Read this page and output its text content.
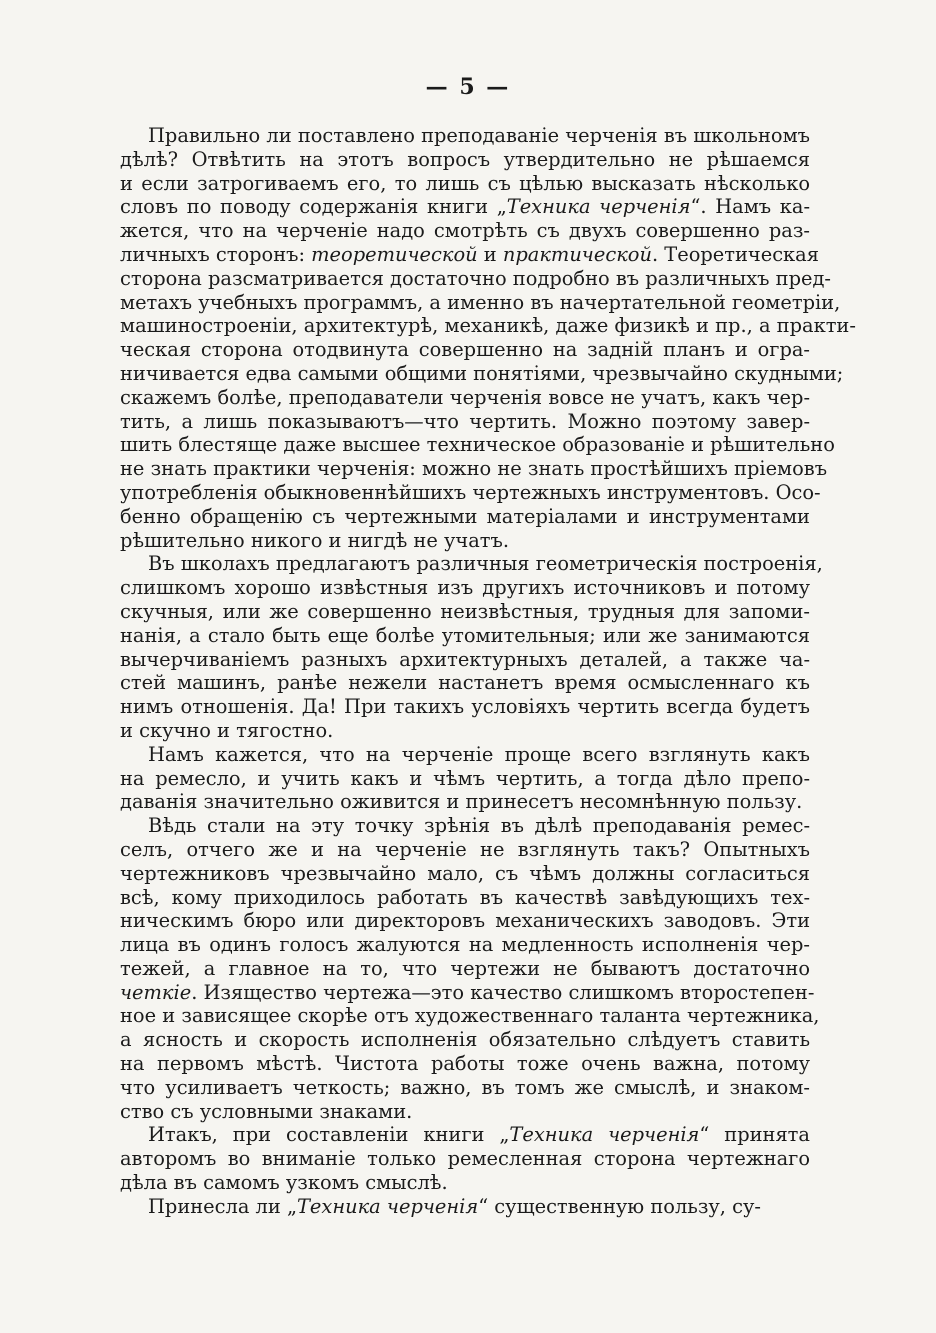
— 5 —

Правильно ли поставлено преподаваніе черченія въ школьномъ
дѣлѣ? Отвѣтить на этотъ вопросъ утвердительно не рѣшаемся
и если затрогиваемъ его, то лишь съ цѣлью высказать нѣсколько
словъ по поводу содержанія книги „Техника черченія“. Намъ ка-
жется, что на черченіе надо смотрѣть съ двухъ совершенно раз-
личныхъ сторонъ: теоретической и практической. Теоретическая
сторона разсматривается достаточно подробно въ различныхъ пред-
метахъ учебныхъ программъ, а именно въ начертательной геометріи,
машиностроеніи, архитектурѣ, механикѣ, даже физикѣ и пр., а практи-
ческая сторона отодвинута совершенно на задній планъ и огра-
ничивается едва самыми общими понятіями, чрезвычайно скудными;
скажемъ болѣе, преподаватели черченія вовсе не учатъ, какъ чер-
тить, а лишь показываютъ—что чертить. Можно поэтому завер-
шить блестяще даже высшее техническое образованіе и рѣшительно
не знать практики черченія: можно не знать простѣйшихъ пріемовъ
употребленія обыкновеннѣйшихъ чертежныхъ инструментовъ. Осо-
бенно обращенію съ чертежными матеріалами и инструментами
рѣшительно никого и нигдѣ не учатъ.

Въ школахъ предлагаютъ различныя геометрическія построенія,
слишкомъ хорошо извѣстныя изъ другихъ источниковъ и потому
скучныя, или же совершенно неизвѣстныя, трудныя для запоми-
нанія, а стало быть еще болѣе утомительныя; или же занимаются
вычерчиваніемъ разныхъ архитектурныхъ деталей, а также ча-
стей машинъ, ранѣе нежели настанетъ время осмысленнаго къ
нимъ отношенія. Да! При такихъ условіяхъ чертить всегда будетъ
и скучно и тягостно.

Намъ кажется, что на черченіе проще всего взглянуть какъ
на ремесло, и учить какъ и чѣмъ чертить, а тогда дѣло препо-
даванія значительно оживится и принесетъ несомнѣнную пользу.

Вѣдь стали на эту точку зрѣнія въ дѣлѣ преподаванія ремес-
селъ, отчего же и на черченіе не взглянуть такъ? Опытныхъ
чертежниковъ чрезвычайно мало, съ чѣмъ должны согласиться
всѣ, кому приходилось работать въ качествѣ завѣдующихъ тех-
ническимъ бюро или директоровъ механическихъ заводовъ. Эти
лица въ одинъ голосъ жалуются на медленность исполненія чер-
тежей, а главное на то, что чертежи не бываютъ достаточно
четкіе. Изящество чертежа—это качество слишкомъ второстепен-
ное и зависящее скорѣе отъ художественнаго таланта чертежника,
а ясность и скорость исполненія обязательно слѣдуетъ ставить
на первомъ мѣстѣ. Чистота работы тоже очень важна, потому
что усиливаетъ четкость; важно, въ томъ же смыслѣ, и знаком-
ство съ условными знаками.

Итакъ, при составленіи книги „Техника черченія“ принята
авторомъ во вниманіе только ремесленная сторона чертежнаго
дѣла въ самомъ узкомъ смыслѣ.

Принесла ли „Техника черченія“ существенную пользу, су-
